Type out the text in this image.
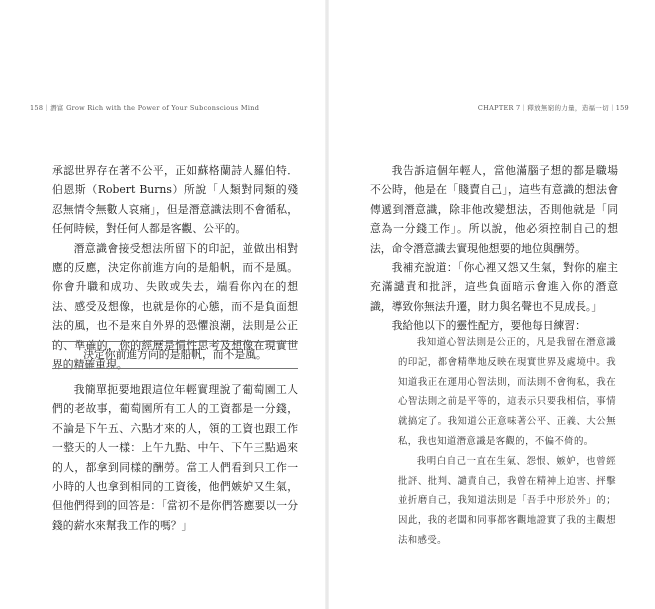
158｜潛富 Grow Rich with the Power of Your Subconscious Mind

承認世界存在著不公平，正如蘇格蘭詩人羅伯特．伯恩斯（Robert Burns）所說「人類對同類的殘忍無情令無數人哀痛」，但是潛意識法則不會循私，任何時候，對任何人都是客觀、公平的。

潛意識會接受想法所留下的印記，並做出相對應的反應，決定你前進方向的是船帆，而不是風。你會升職和成功、失敗或失去，端看你內在的想法、感受及想像，也就是你的心態，而不是負面想法的風，也不是來自外界的恐懼浪潮，法則是公正的、準確的，你的經歷是慣性思考及想像在現實世界的精確重現。

決定你前進方向的是船帆，而不是風。

我簡單扼要地跟這位年輕實理說了葡萄園工人們的老故事，葡萄園所有工人的工資都是一分錢，不論是下午五、六點才來的人，領的工資也跟工作一整天的人一樣：上午九點、中午、下午三點過來的人，都拿到同樣的酬勞。當工人們看到只工作一小時的人也拿到相同的工資後，他們嫉妒又生氣，但他們得到的回答是：「當初不是你們答應要以一分錢的薪水來幫我工作的嗎？」

CHAPTER 7｜釋放無窮的力量，造福一切｜159

我告訴這個年輕人，當他滿腦子想的都是職場不公時，他是在「賤賣自己」，這些有意識的想法會傳遞到潛意識，除非他改變想法，否則他就是「同意為一分錢工作」。所以說，他必須控制自己的想法，命令潛意識去實現他想要的地位與酬勞。

我補充說道：「你心裡又怨又生氣，對你的雇主充滿譴責和批評，這些負面暗示會進入你的潛意識，導致你無法升遷，財力與名聲也不見成長。」

我給他以下的靈性配方，要他每日練習：

我知道心智法則是公正的，凡是我留在潛意識的印記，都會精準地反映在現實世界及處境中。我知道我正在運用心智法則，而法則不會徇私，我在心智法則之前是平等的，這表示只要我相信，事情就搞定了。我知道公正意味著公平、正義、大公無私，我也知道潛意識是客觀的，不偏不倚的。

我明白自己一直在生氣、怨恨、嫉妒，也曾經批評、批判、譴責自己，我曾在精神上迫害、抨擊並折磨自己，我知道法則是「吾手中形於外」的；因此，我的老闆和同事都客觀地證實了我的主觀想法和感受。
